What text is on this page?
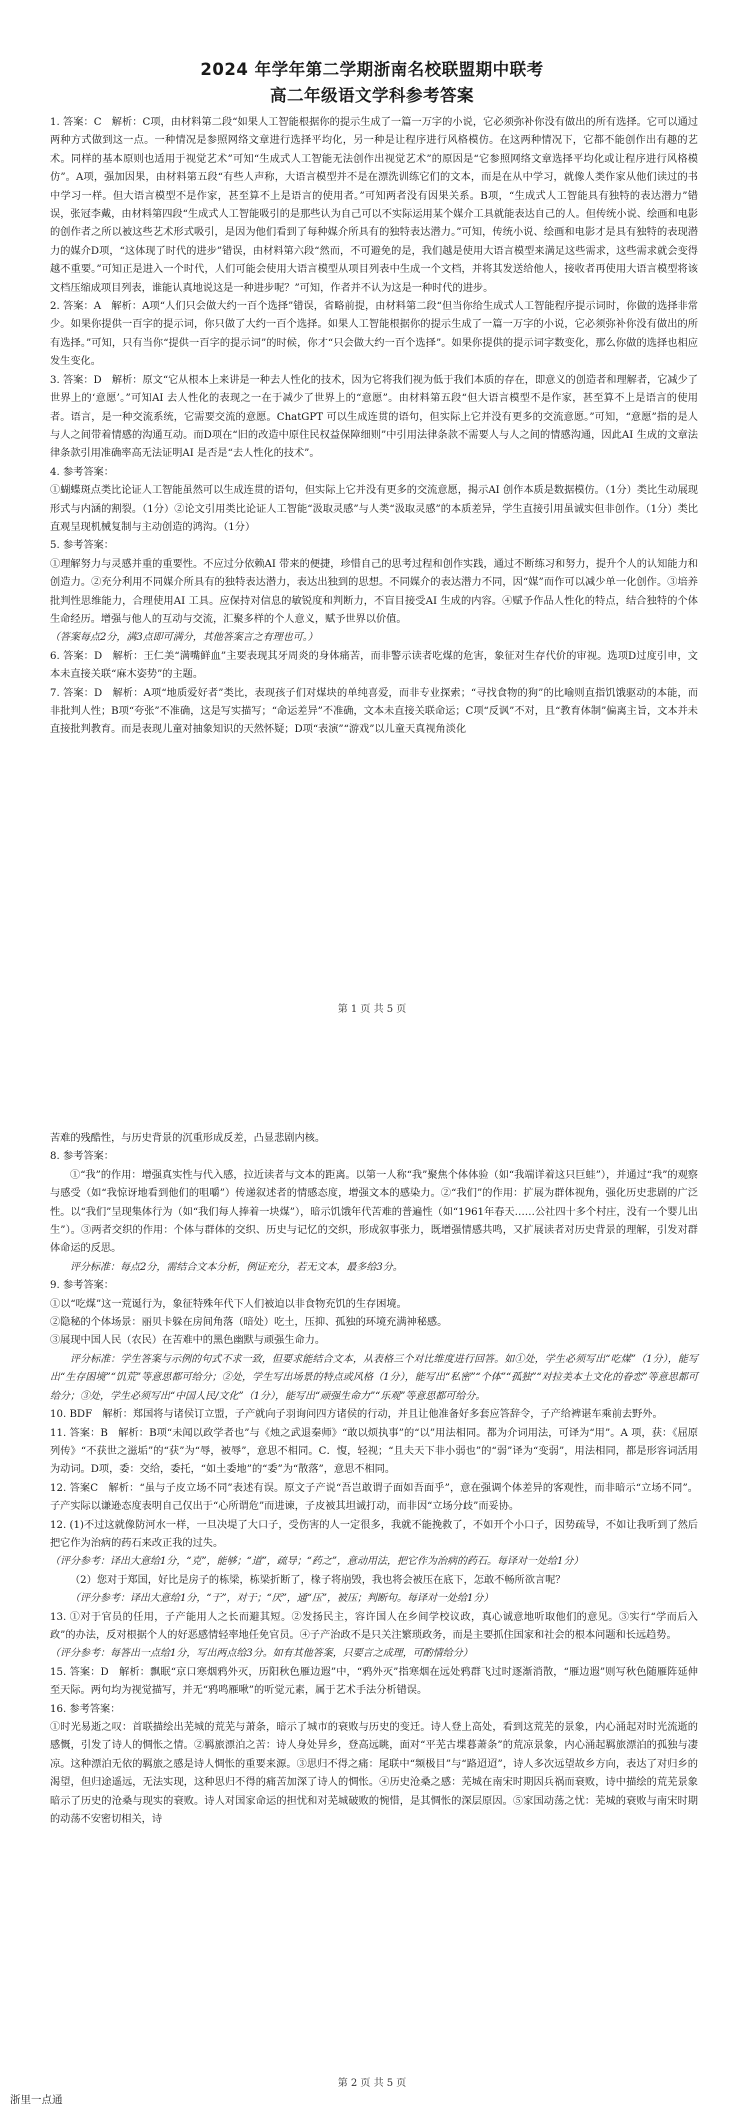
2024 年学年第二学期浙南名校联盟期中联考
高二年级语文学科参考答案
1. 答案：C　解析：C项，由材料第二段“如果人工智能根据你的提示生成了一篇一万字的小说，它必须弥补你没有做出的所有选择。它可以通过两种方式做到这一点。一种情况是参照网络文章进行选择平均化，另一种是让程序进行风格模仿。在这两种情况下，它都不能创作出有趣的艺术。同样的基本原则也适用于视觉艺术”可知“生成式人工智能无法创作出视觉艺术”的原因是“它参照网络文章选择平均化或让程序进行风格模仿”。A项，强加因果，由材料第五段“有些人声称，大语言模型并不是在漂洗训练它们的文本，而是在从中学习，就像人类作家从他们读过的书中学习一样。但大语言模型不是作家，甚至算不上是语言的使用者。”可知两者没有因果关系。B项，“生成式人工智能具有独特的表达潜力”错误，张冠李戴，由材料第四段“生成式人工智能吸引的是那些认为自己可以不实际运用某个媒介工具就能表达自己的人。但传统小说、绘画和电影的创作者之所以被这些艺术形式吸引，是因为他们看到了每种媒介所具有的独特表达潜力。”可知，传统小说、绘画和电影才是具有独特的表现潜力的媒介D项，“这体现了时代的进步”错误，由材料第六段“然而，不可避免的是，我们越是使用大语言模型来满足这些需求，这些需求就会变得越不重要。”可知正是进入一个时代，人们可能会使用大语言模型从项目列表中生成一个文档，并将其发送给他人，接收者再使用大语言模型将该文档压缩成项目列表，谁能认真地说这是一种进步呢？”可知，作者并不认为这是一种时代的进步。
2. 答案：A　解析：A项“人们只会做大约一百个选择”错误，省略前提，由材料第二段“但当你给生成式人工智能程序提示词时，你做的选择非常少。如果你提供一百字的提示词，你只做了大约一百个选择。如果人工智能根据你的提示生成了一篇一万字的小说，它必须弥补你没有做出的所有选择。”可知，只有当你“提供一百字的提示词”的时候，你才“只会做大约一百个选择”。如果你提供的提示词字数变化，那么你做的选择也相应发生变化。
3. 答案：D　解析：原文“它从根本上来讲是一种去人性化的技术，因为它将我们视为低于我们本质的存在，即意义的创造者和理解者，它减少了世界上的‘意愿’。”可知AI 去人性化的表现之一在于减少了世界上的“意愿”。由材料第五段“但大语言模型不是作家，甚至算不上是语言的使用者。语言，是一种交流系统，它需要交流的意愿。ChatGPT 可以生成连贯的语句，但实际上它并没有更多的交流意愿。”可知，“意愿”指的是人与人之间带着情感的沟通互动。而D项在“旧的改造中原住民权益保障细则”中引用法律条款不需要人与人之间的情感沟通，因此AI 生成的文章法律条款引用准确率高无法证明AI 是否是“去人性化的技术”。
4. 参考答案：
①蝴蝶斑点类比论证人工智能虽然可以生成连贯的语句，但实际上它并没有更多的交流意愿，揭示AI 创作本质是数据模仿。（1分）类比生动展现形式与内涵的割裂。（1分）②论文引用类比论证人工智能“汲取灵感”与人类“汲取灵感”的本质差异，学生直接引用虽诚实但非创作。（1分）类比直观呈现机械复制与主动创造的鸿沟。（1分）
5. 参考答案：
①理解努力与灵感并重的重要性。不应过分依赖AI 带来的便捷，珍惜自己的思考过程和创作实践，通过不断练习和努力，提升个人的认知能力和创造力。②充分利用不同媒介所具有的独特表达潜力，表达出独到的思想。不同媒介的表达潜力不同，因“媒”而作可以减少单一化创作。③培养批判性思维能力，合理使用AI 工具。应保持对信息的敏锐度和判断力，不盲目接受AI 生成的内容。④赋予作品人性化的特点，结合独特的个体生命经历。增强与他人的互动与交流，汇聚多样的个人意义，赋予世界以价值。
（答案每点2分，满3点即可满分，其他答案言之有理也可。）
6. 答案：D　解析：王仁美“满嘴鲜血”主要表现其牙周炎的身体痛苦，而非警示读者吃煤的危害，象征对生存代价的审视。选项D过度引申，文本未直接关联“麻木姿势”的主题。
7. 答案：D　解析：A项“地质爱好者”类比，表现孩子们对煤块的单纯喜爱，而非专业探索；“寻找食物的狗”的比喻则直指饥饿驱动的本能，而非批判人性；B项“夸张”不准确，这是写实描写；“命运差异”不准确，文本未直接关联命运；C项“反讽”不对，且“教育体制”偏离主旨，文本并未直接批判教育。而是表现儿童对抽象知识的天然怀疑；D项“表演”“游戏”以儿童天真视角淡化
第 1 页 共 5 页
苦难的残酷性，与历史背景的沉重形成反差，凸显悲剧内核。
8. 参考答案：
①“我”的作用：增强真实性与代入感，拉近读者与文本的距离。以第一人称“我”聚焦个体体验（如“我端详着这只巨蛙”），并通过“我”的观察与感受（如“我惊讶地看到他们的咀嚼”）传递叙述者的情感态度，增强文本的感染力。②“我们”的作用：扩展为群体视角，强化历史悲剧的广泛性。以“我们”呈现集体行为（如“我们每人捧着一块煤”），暗示饥饿年代苦难的普遍性（如“1961年春天……公社四十多个村庄，没有一个婴儿出生”）。③两者交织的作用：个体与群体的交织、历史与记忆的交织，形成叙事张力，既增强情感共鸣，又扩展读者对历史背景的理解，引发对群体命运的反思。
评分标准：每点2分，需结合文本分析，例证充分，若无文本，最多给3分。
9. 参考答案：
①以“吃煤”这一荒诞行为，象征特殊年代下人们被迫以非食物充饥的生存困境。
②隐秘的个体场景：丽贝卡躲在房间角落（暗处）吃土，压抑、孤独的环境充满神秘感。
③展现中国人民（农民）在苦难中的黑色幽默与顽强生命力。
评分标准：学生答案与示例的句式不求一致，但要求能结合文本，从表格三个对比维度进行回答。如①处，学生必须写出“吃煤”（1分），能写出“生存困境”“饥荒”等意思都可给分；②处，学生写出场景的特点或风格（1分），能写出“私密”“个体”“孤独”“对拉美本土文化的眷恋”等意思都可给分；③处，学生必须写出“中国人民/文化”（1分），能写出“顽强生命力”“乐观”等意思都可给分。
10. BDF　解析：郑国将与诸侯订立盟，子产就向子羽询问四方诸侯的行动，并且让他准备好多套应答辞令，子产给裨谌车乘前去野外。
11. 答案：B　解析：B项“未闻以政学者也”与《烛之武退秦师》“敢以烦执事”的“以”用法相同。都为介词用法，可译为“用”。A 项，获：《屈原列传》“不获世之滋垢”的“获”为“辱，被辱”，意思不相同。C．愎，轻视；“且夫天下非小弱也”的“弱”译为“变弱”，用法相同，都是形容词活用为动词。D项，委：交给，委托，“如土委地”的“委”为“散落”，意思不相同。
12. 答案C　解析：“虽与子皮立场不同”表述有误。原文子产说“吾岂敢谓子面如吾面乎”，意在强调个体差异的客观性，而非暗示“立场不同”。子产实际以谦逊态度表明自己仅出于“心所谓危”而进谏，子皮被其坦诚打动，而非因“立场分歧”而妥协。
12. (1)不过这就像防河水一样，一旦决堤了大口子，受伤害的人一定很多，我就不能挽救了，不如开个小口子，因势疏导，不如让我听到了然后把它作为治病的药石来改正我的过失。
（评分参考：译出大意给1分，“克”，能够；“道”，疏导；“药之”，意动用法，把它作为治病的药石。每译对一处给1分）
（2）您对于郑国，好比是房子的栋梁，栋梁折断了，椽子将崩毁，我也将会被压在底下，怎敢不畅所欲言呢？
（评分参考：译出大意给1分，“于”，对于；“厌”，通“压”，被压；判断句。每译对一处给1分）
13. ①对于官员的任用，子产能用人之长而避其短。②发扬民主，容许国人在乡间学校议政，真心诚意地听取他们的意见。③实行“学而后入政”的办法，反对根据个人的好恶感情轻率地任免官员。④子产治政不是只关注繁琐政务，而是主要抓住国家和社会的根本问题和长远趋势。
（评分参考：每答出一点给1分，写出两点给3分。如有其他答案，只要言之成理，可酌情给分）
15. 答案：D　解析：飘眠“京口寒烟鸦外灭，历阳秋色雁边遐”中，“鸦外灭”指寒烟在远处鸦群飞过时逐渐消散，“雁边遐”则写秋色随雁阵延伸至天际。两句均为视觉描写，并无“鸦鸣雁啾”的听觉元素，属于艺术手法分析错误。
16. 参考答案：
①时光易逝之叹：首联描绘出芜城的荒芜与萧条，暗示了城市的衰败与历史的变迁。诗人登上高处，看到这荒芜的景象，内心涌起对时光流逝的感慨，引发了诗人的惆怅之情。②羁旅漂泊之苦：诗人身处异乡，登高远眺，面对“平芜古堞暮萧条”的荒凉景象，内心涌起羁旅漂泊的孤独与凄凉。这种漂泊无依的羁旅之感是诗人惆怅的重要来源。③思归不得之痛：尾联中“频极目”与“路迢迢”，诗人多次远望故乡方向，表达了对归乡的渴望，但归途遥远，无法实现，这种思归不得的痛苦加深了诗人的惆怅。④历史沧桑之感：芜城在南宋时期因兵祸而衰败，诗中描绘的荒芜景象暗示了历史的沧桑与现实的衰败。诗人对国家命运的担忧和对芜城破败的惋惜，是其惆怅的深层原因。⑤家国动荡之忧：芜城的衰败与南宋时期的动荡不安密切相关，诗
第 2 页 共 5 页
浙里一点通
